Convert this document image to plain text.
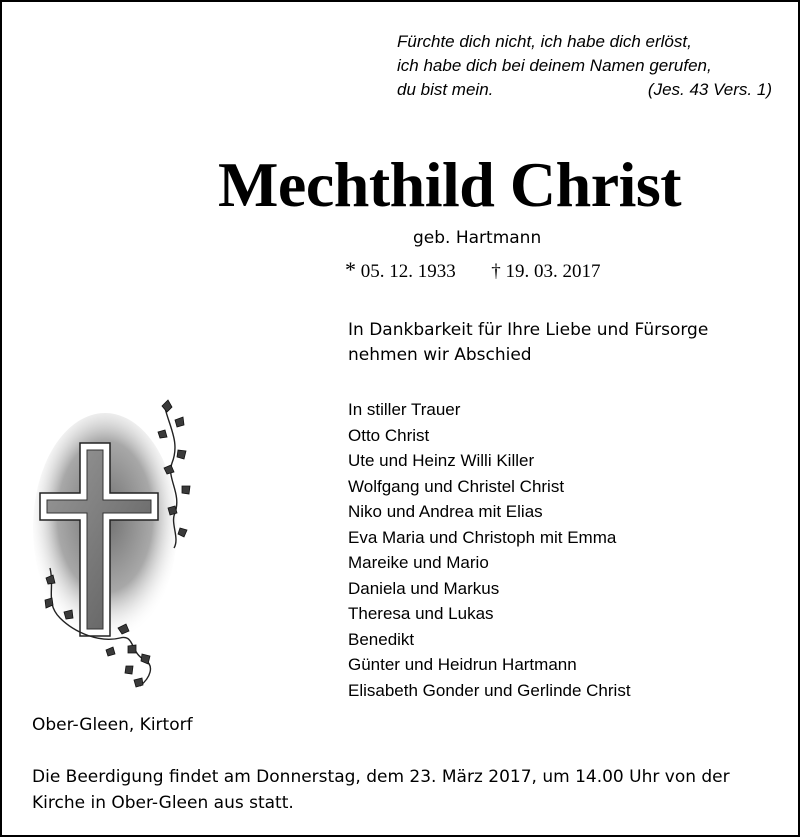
Fürchte dich nicht, ich habe dich erlöst,
ich habe dich bei deinem Namen gerufen,
du bist mein.	(Jes. 43 Vers. 1)
Mechthild Christ
geb. Hartmann
* 05. 12. 1933 † 19. 03. 2017
In Dankbarkeit für Ihre Liebe und Fürsorge
nehmen wir Abschied
In stiller Trauer
Otto Christ
Ute und Heinz Willi Killer
Wolfgang und Christel Christ
Niko und Andrea mit Elias
Eva Maria und Christoph mit Emma
Mareike und Mario
Daniela und Markus
Theresa und Lukas
Benedikt
Günter und Heidrun Hartmann
Elisabeth Gonder und Gerlinde Christ
Ober-Gleen, Kirtorf
Die Beerdigung findet am Donnerstag, dem 23. März 2017, um 14.00 Uhr von der
Kirche in Ober-Gleen aus statt.
